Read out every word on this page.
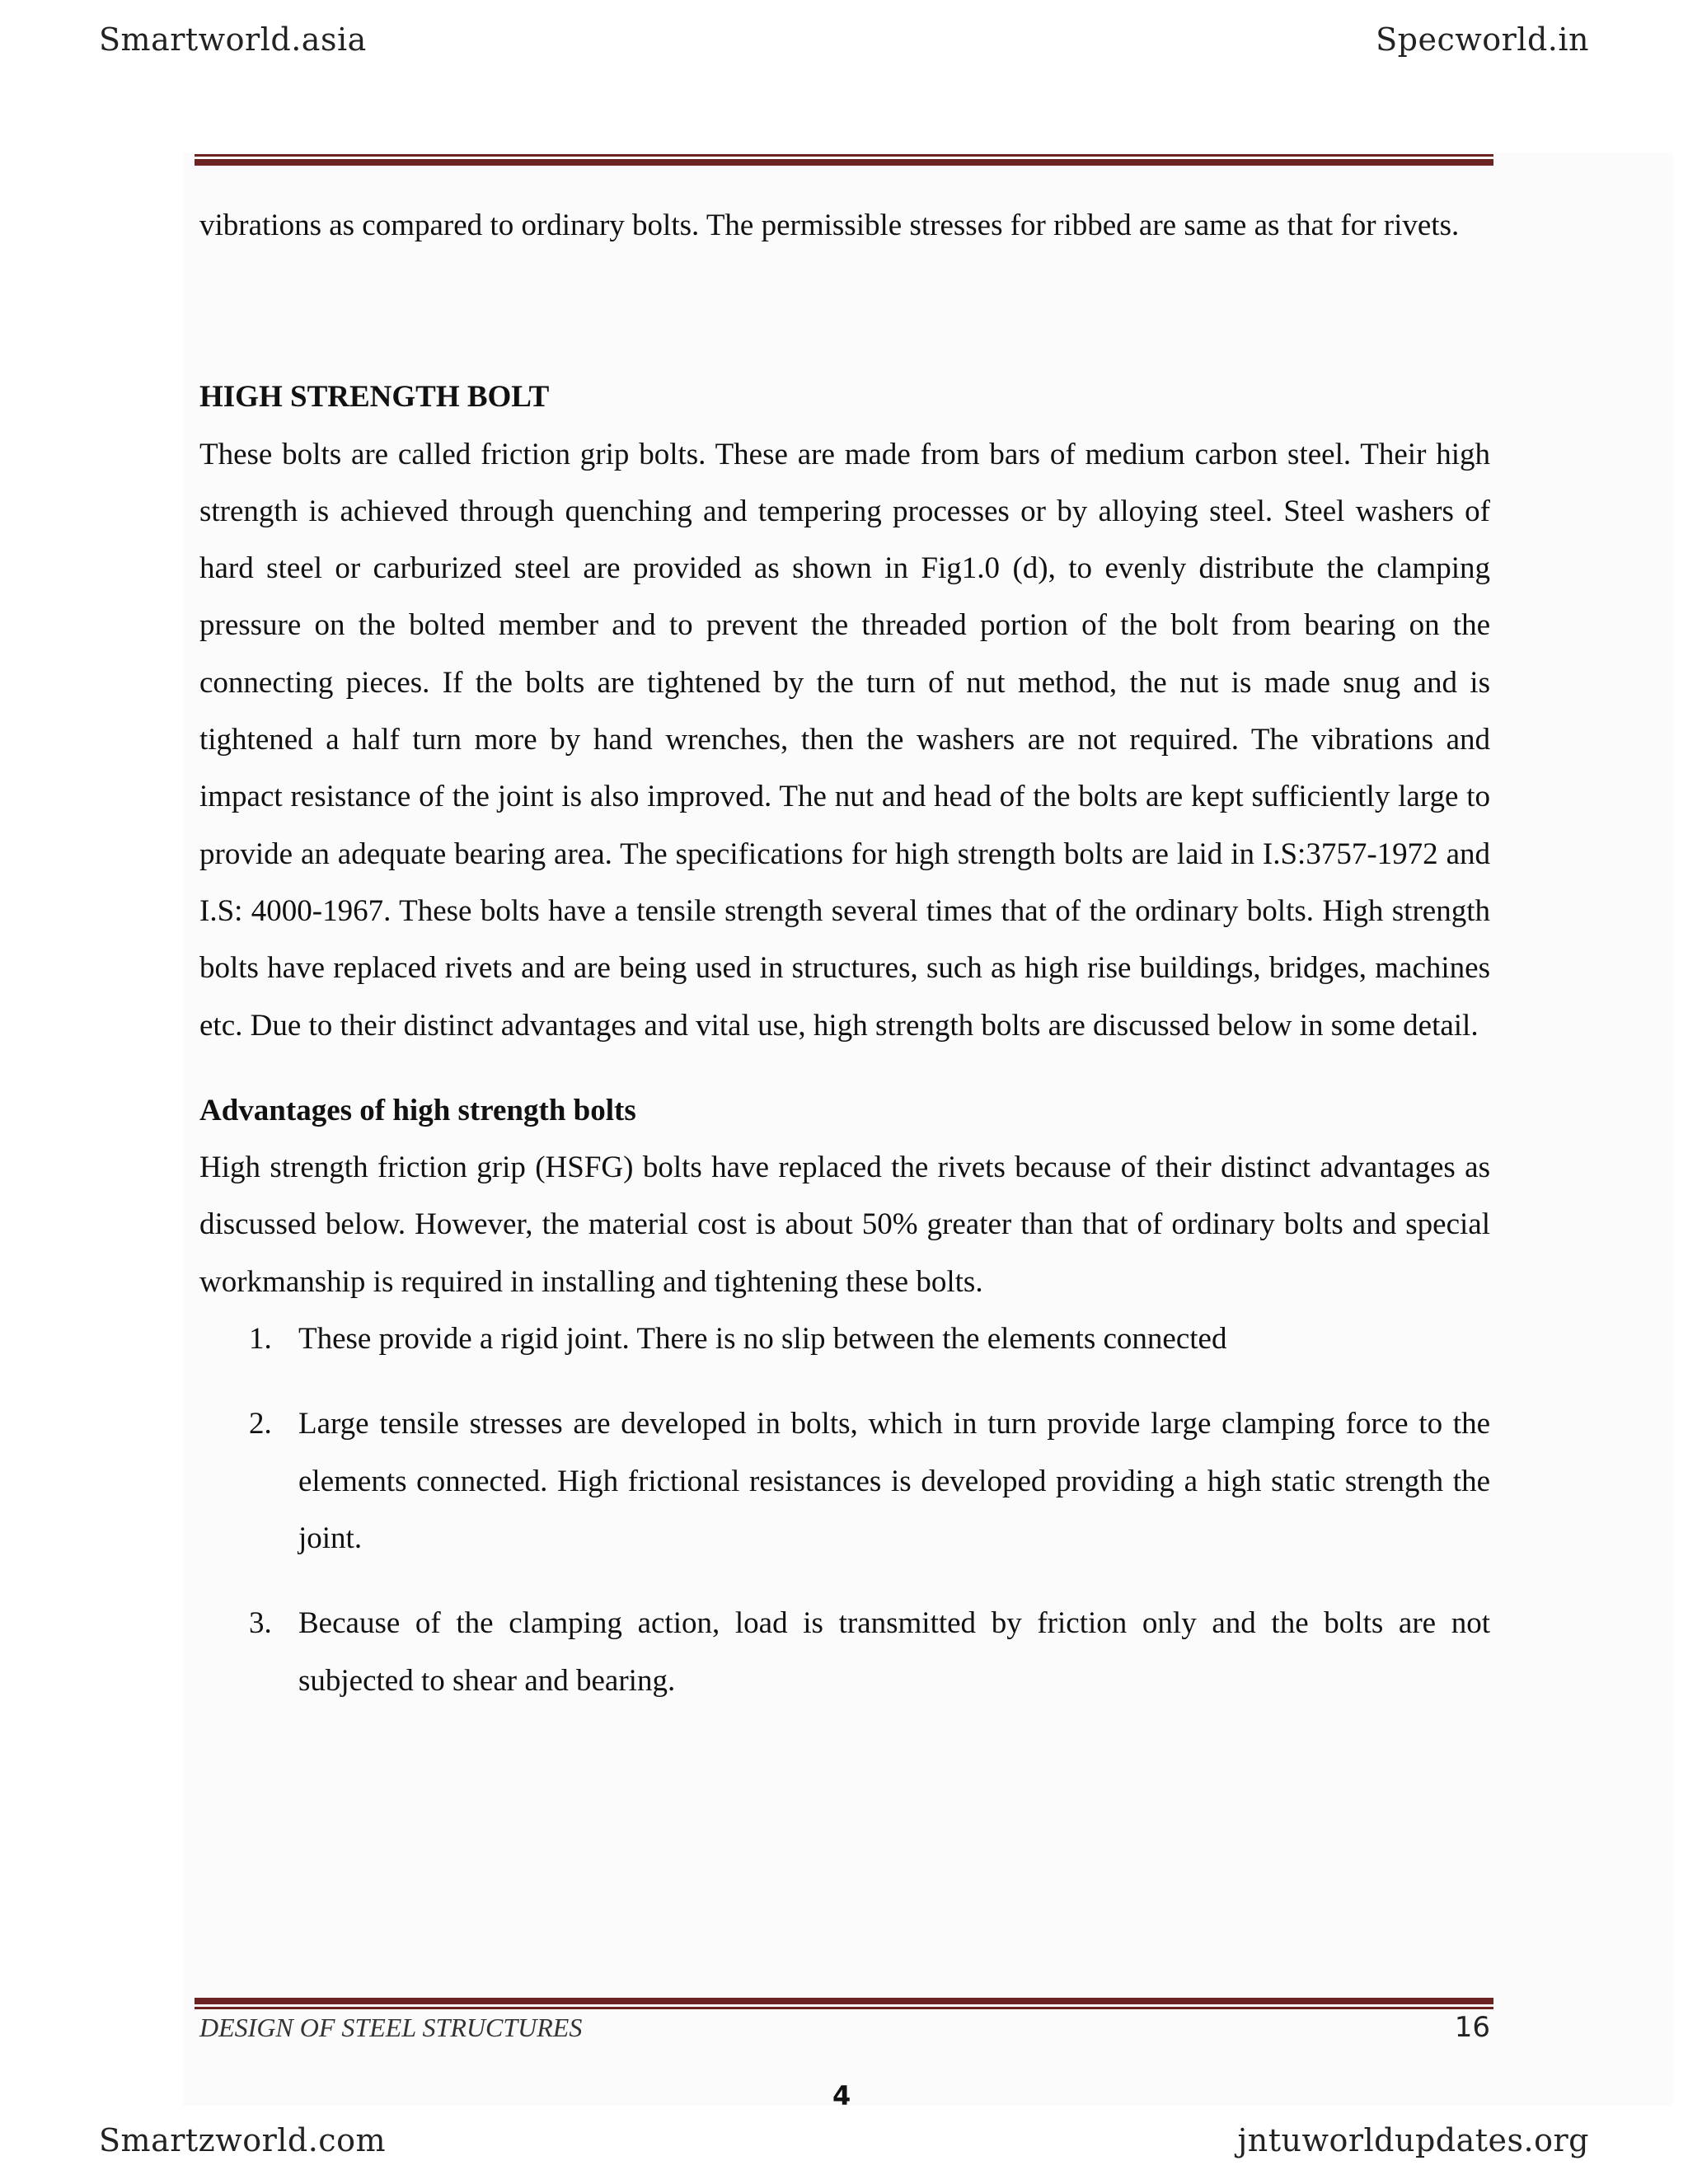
Smartworld.asia	Specworld.in

vibrations as compared to ordinary bolts. The permissible stresses for ribbed are same as that for rivets.

HIGH STRENGTH BOLT

These bolts are called friction grip bolts. These are made from bars of medium carbon steel. Their high strength is achieved through quenching and tempering processes or by alloying steel. Steel washers of hard steel or carburized steel are provided as shown in Fig1.0 (d), to evenly distribute the clamping pressure on the bolted member and to prevent the threaded portion of the bolt from bearing on the connecting pieces. If the bolts are tightened by the turn of nut method, the nut is made snug and is tightened a half turn more by hand wrenches, then the washers are not required. The vibrations and impact resistance of the joint is also improved. The nut and head of the bolts are kept sufficiently large to provide an adequate bearing area. The specifications for high strength bolts are laid in I.S:3757-1972 and I.S: 4000-1967. These bolts have a tensile strength several times that of the ordinary bolts. High strength bolts have replaced rivets and are being used in structures, such as high rise buildings, bridges, machines etc. Due to their distinct advantages and vital use, high strength bolts are discussed below in some detail.

Advantages of high strength bolts

High strength friction grip (HSFG) bolts have replaced the rivets because of their distinct advantages as discussed below. However, the material cost is about 50% greater than that of ordinary bolts and special workmanship is required in installing and tightening these bolts.

1. These provide a rigid joint. There is no slip between the elements connected
2. Large tensile stresses are developed in bolts, which in turn provide large clamping force to the elements connected. High frictional resistances is developed providing a high static strength the joint.
3. Because of the clamping action, load is transmitted by friction only and the bolts are not subjected to shear and bearing.
DESIGN OF STEEL STRUCTURES	16
4
Smartzworld.com	jntuworldupdates.org
